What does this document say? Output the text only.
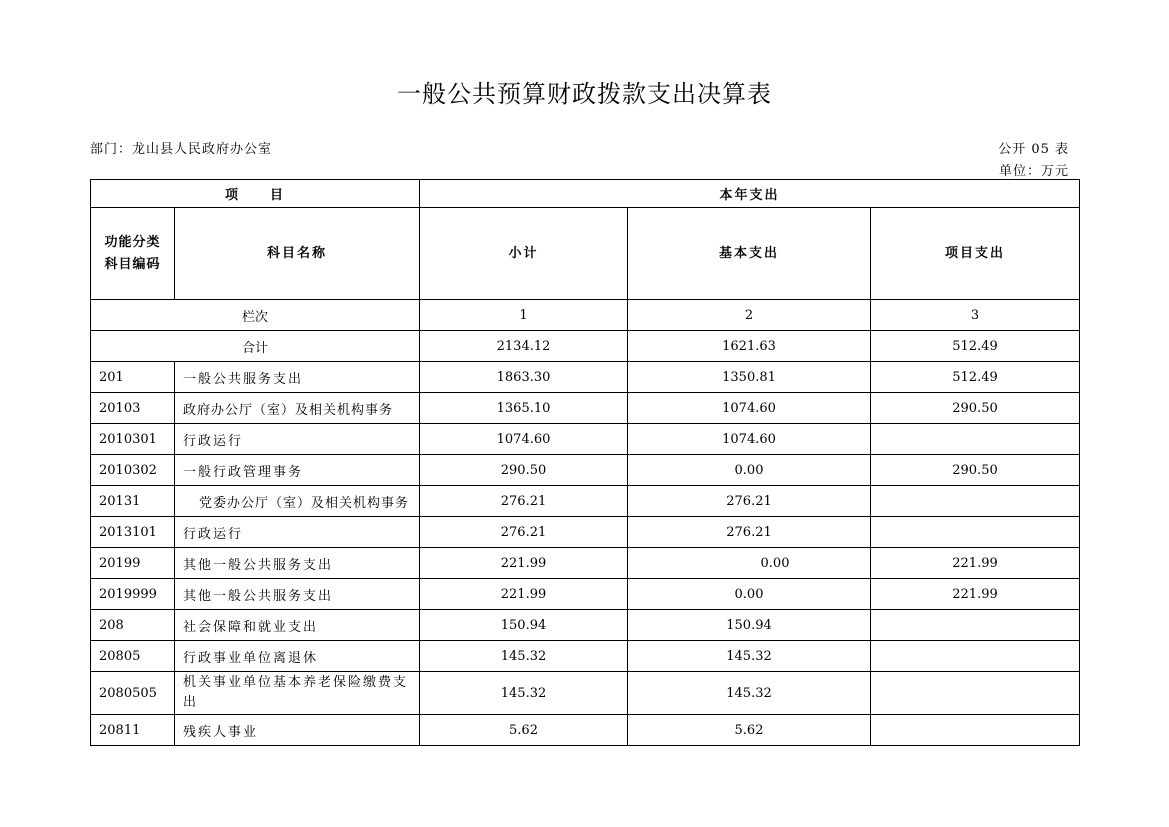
一般公共预算财政拨款支出决算表
部门：龙山县人民政府办公室	公开 05 表
单位：万元
项　　目		本年支出		
功能分类
科目编码	科目名称	小计	基本支出	项目支出
栏次		1	2	3
合计		2134.12	1621.63	512.49
201	一般公共服务支出	1863.30	1350.81	512.49
20103	政府办公厅（室）及相关机构事务	1365.10	1074.60	290.50
2010301	行政运行	1074.60	1074.60	
2010302	一般行政管理事务	290.50	0.00	290.50
20131	党委办公厅（室）及相关机构事务	276.21	276.21	
2013101	行政运行	276.21	276.21	
20199	其他一般公共服务支出	221.99	0.00	221.99
2019999	其他一般公共服务支出	221.99	0.00	221.99
208	社会保障和就业支出	150.94	150.94	
20805	行政事业单位离退休	145.32	145.32	
2080505	机关事业单位基本养老保险缴费支出	145.32	145.32	
20811	残疾人事业	5.62	5.62	
